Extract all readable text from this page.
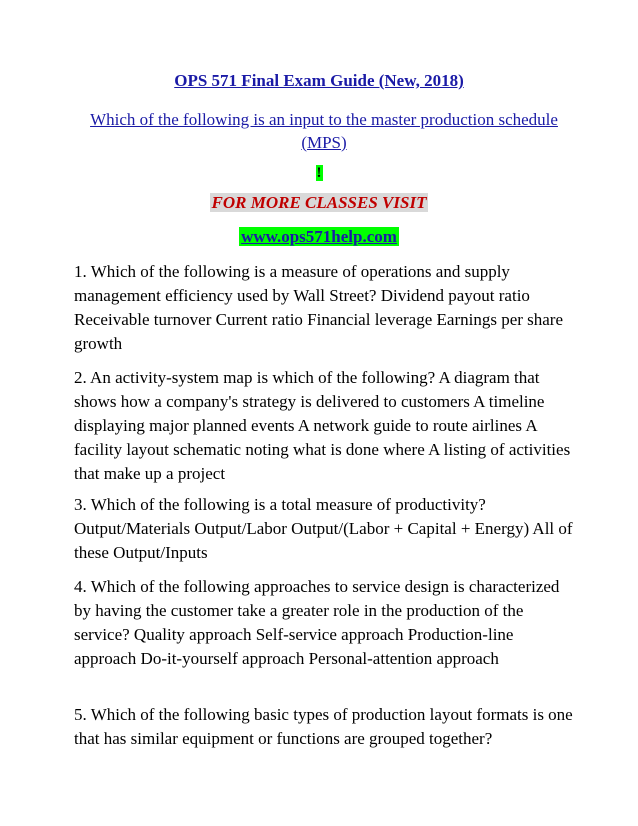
OPS 571 Final Exam Guide (New, 2018)
Which of the following is an input to the master production schedule (MPS)
!
FOR MORE CLASSES VISIT
www.ops571help.com
1. Which of the following is a measure of operations and supply management efficiency used by Wall Street? Dividend payout ratio Receivable turnover Current ratio Financial leverage Earnings per share growth
2. An activity-system map is which of the following? A diagram that shows how a company's strategy is delivered to customers A timeline displaying major planned events A network guide to route airlines A facility layout schematic noting what is done where A listing of activities that make up a project
3. Which of the following is a total measure of productivity? Output/Materials Output/Labor Output/(Labor + Capital + Energy) All of these Output/Inputs
4. Which of the following approaches to service design is characterized by having the customer take a greater role in the production of the service? Quality approach Self-service approach Production-line approach Do-it-yourself approach Personal-attention approach
5. Which of the following basic types of production layout formats is one that has similar equipment or functions are grouped together?
